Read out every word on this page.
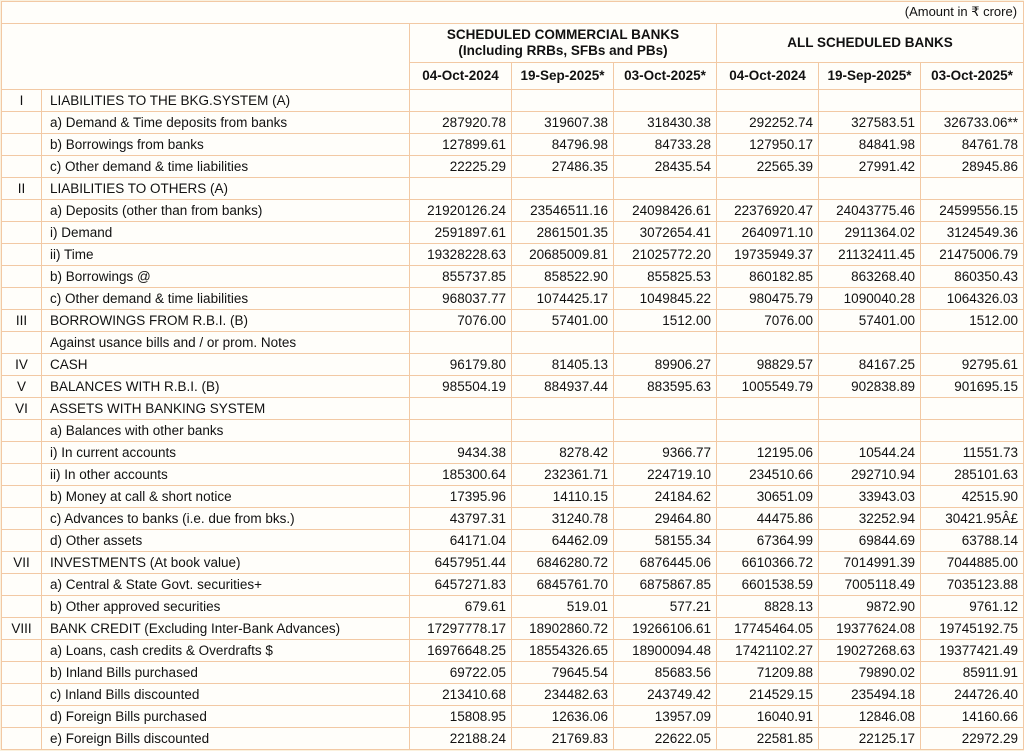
(Amount in ₹ crore)							

		SCHEDULED COMMERCIAL BANKS
(Including RRBs, SFBs and PBs)			ALL SCHEDULED BANKS		
		04-Oct-2024	19-Sep-2025*	03-Oct-2025*	04-Oct-2024	19-Sep-2025*	03-Oct-2025*
I	LIABILITIES TO THE BKG.SYSTEM (A)						
	a) Demand & Time deposits from banks	287920.78	319607.38	318430.38	292252.74	327583.51	326733.06**
	b) Borrowings from banks	127899.61	84796.98	84733.28	127950.17	84841.98	84761.78
	c) Other demand & time liabilities	22225.29	27486.35	28435.54	22565.39	27991.42	28945.86
II	LIABILITIES TO OTHERS (A)						
	a) Deposits (other than from banks)	21920126.24	23546511.16	24098426.61	22376920.47	24043775.46	24599556.15
	i) Demand	2591897.61	2861501.35	3072654.41	2640971.10	2911364.02	3124549.36
	ii) Time	19328228.63	20685009.81	21025772.20	19735949.37	21132411.45	21475006.79
	b) Borrowings @	855737.85	858522.90	855825.53	860182.85	863268.40	860350.43
	c) Other demand & time liabilities	968037.77	1074425.17	1049845.22	980475.79	1090040.28	1064326.03
III	BORROWINGS FROM R.B.I. (B)	7076.00	57401.00	1512.00	7076.00	57401.00	1512.00
	Against usance bills and / or prom. Notes						
IV	CASH	96179.80	81405.13	89906.27	98829.57	84167.25	92795.61
V	BALANCES WITH R.B.I. (B)	985504.19	884937.44	883595.63	1005549.79	902838.89	901695.15
VI	ASSETS WITH BANKING SYSTEM						
	a) Balances with other banks						
	i) In current accounts	9434.38	8278.42	9366.77	12195.06	10544.24	11551.73
	ii) In other accounts	185300.64	232361.71	224719.10	234510.66	292710.94	285101.63
	b) Money at call & short notice	17395.96	14110.15	24184.62	30651.09	33943.03	42515.90
	c) Advances to banks (i.e. due from bks.)	43797.31	31240.78	29464.80	44475.86	32252.94	30421.95Â£
	d) Other assets	64171.04	64462.09	58155.34	67364.99	69844.69	63788.14
VII	INVESTMENTS (At book value)	6457951.44	6846280.72	6876445.06	6610366.72	7014991.39	7044885.00
	a) Central & State Govt. securities+	6457271.83	6845761.70	6875867.85	6601538.59	7005118.49	7035123.88
	b) Other approved securities	679.61	519.01	577.21	8828.13	9872.90	9761.12
VIII	BANK CREDIT (Excluding Inter-Bank Advances)	17297778.17	18902860.72	19266106.61	17745464.05	19377624.08	19745192.75
	a) Loans, cash credits & Overdrafts $	16976648.25	18554326.65	18900094.48	17421102.27	19027268.63	19377421.49
	b) Inland Bills purchased	69722.05	79645.54	85683.56	71209.88	79890.02	85911.91
	c) Inland Bills discounted	213410.68	234482.63	243749.42	214529.15	235494.18	244726.40
	d) Foreign Bills purchased	15808.95	12636.06	13957.09	16040.91	12846.08	14160.66
	e) Foreign Bills discounted	22188.24	21769.83	22622.05	22581.85	22125.17	22972.29
